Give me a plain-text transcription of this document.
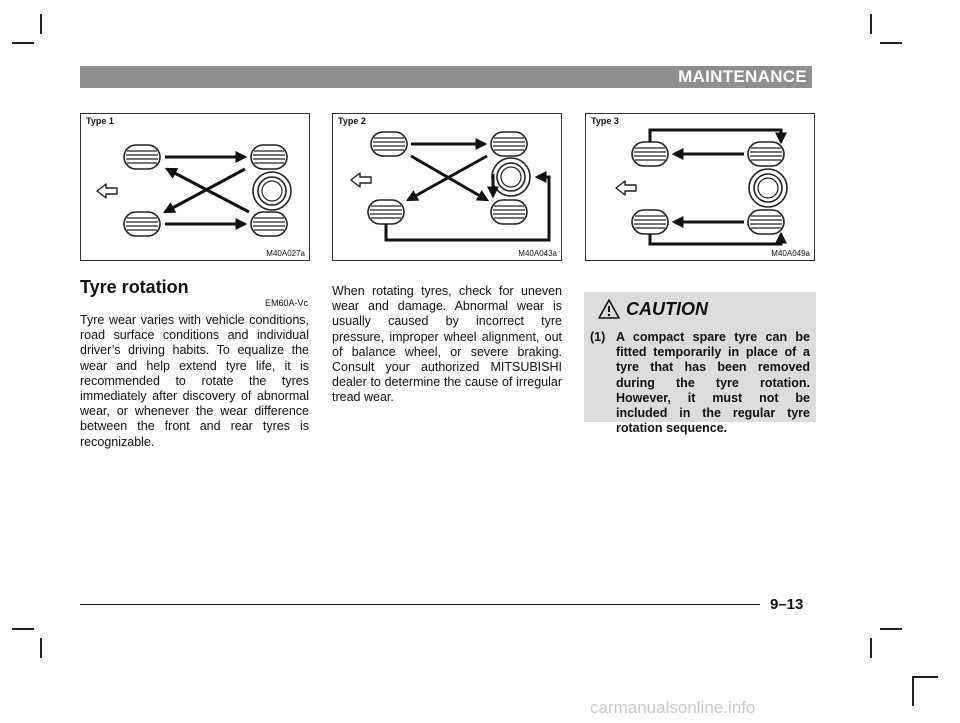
MAINTENANCE
Type 1
M40A027a
Type 2
M40A043a
Type 3
M40A049a
Tyre rotation
EM60A-Vc

Tyre wear varies with vehicle conditions, road surface conditions and individual driver’s driving habits. To equalize the wear and help extend tyre life, it is recommended to rotate the tyres immediately after discovery of abnormal wear, or whenever the wear difference between the front and rear tyres is recognizable.

When rotating tyres, check for uneven wear and damage. Abnormal wear is usually caused by incorrect tyre pressure, improper wheel alignment, out of balance wheel, or severe braking. Consult your authorized MITSUBISHI dealer to determine the cause of irregular tread wear.

CAUTION
(1) A compact spare tyre can be fitted temporarily in place of a tyre that has been removed during the tyre rotation. However, it must not be included in the regular tyre rotation sequence.

9–13
carmanualsonline.info
